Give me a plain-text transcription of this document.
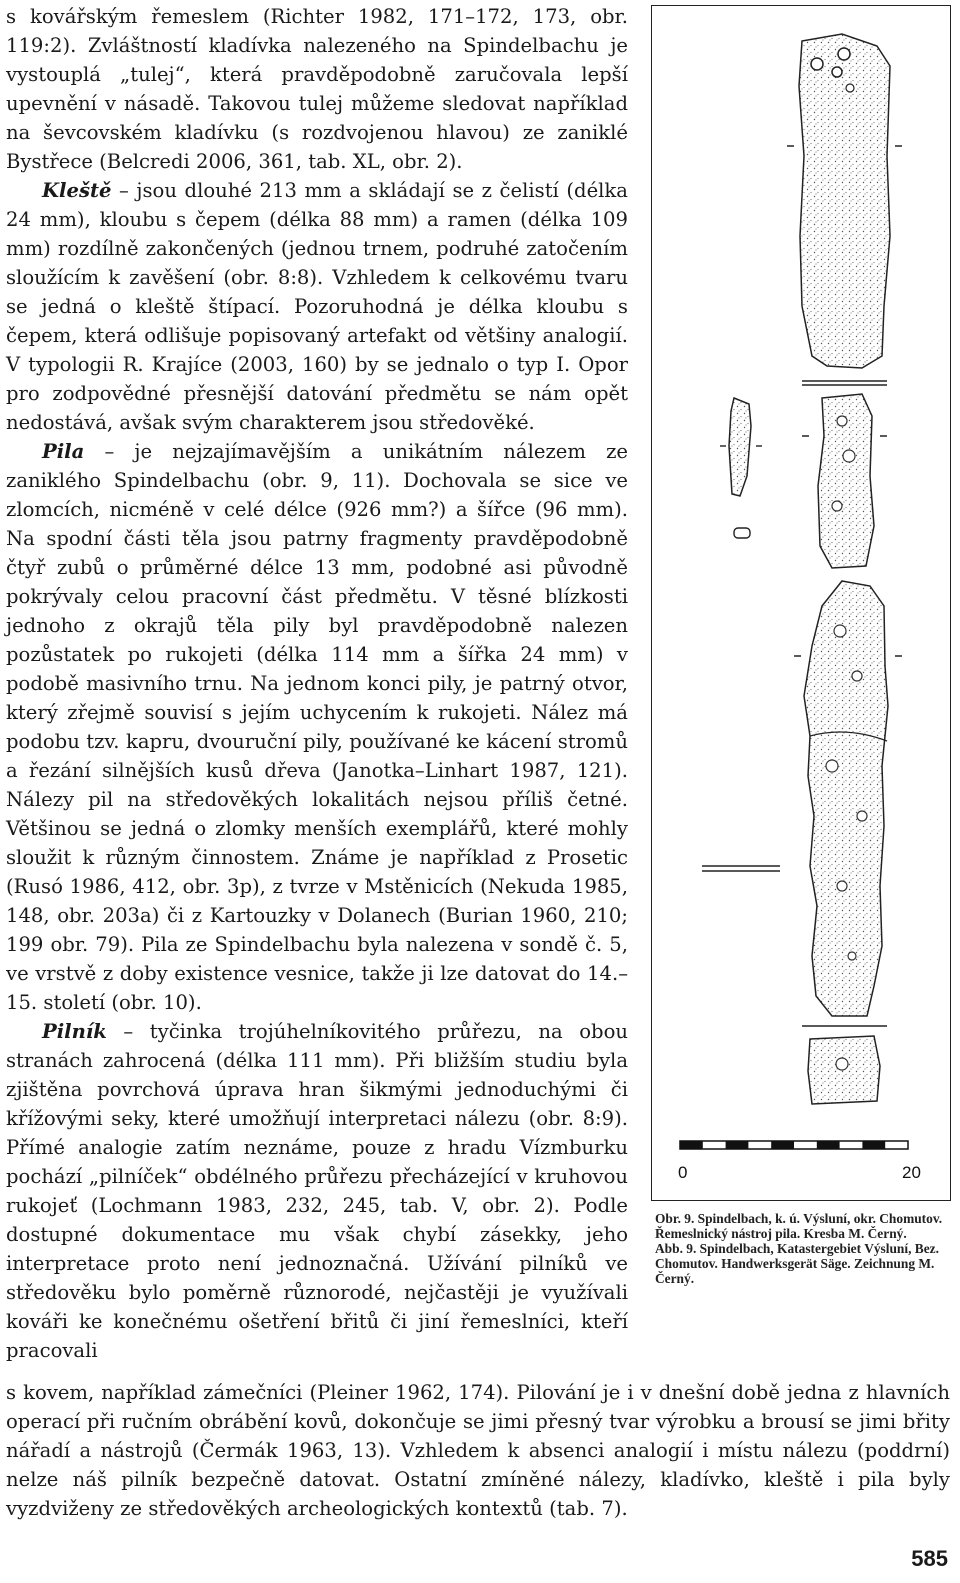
s kovářským řemeslem (Richter 1982, 171–172, 173, obr. 119:2). Zvláštností kladívka nalezeného na Spindelbachu je vystouplá „tulej“, která pravděpodobně zaručovala lepší upevnění v násadě. Takovou tulej můžeme sledovat například na ševcovském kladívku (s rozdvojenou hlavou) ze zaniklé Bystřece (Belcredi 2006, 361, tab. XL, obr. 2).

Kleště – jsou dlouhé 213 mm a skládají se z čelistí (délka 24 mm), kloubu s čepem (délka 88 mm) a ramen (délka 109 mm) rozdílně zakončených (jednou trnem, podruhé zatočením sloužícím k zavěšení (obr. 8:8). Vzhledem k celkovému tvaru se jedná o kleště štípací. Pozoruhodná je délka kloubu s čepem, která odlišuje popisovaný artefakt od většiny analogií. V typologii R. Krajíce (2003, 160) by se jednalo o typ I. Opor pro zodpovědné přesnější datování předmětu se nám opět nedostává, avšak svým charakterem jsou středověké.

Pila – je nejzajímavějším a unikátním nálezem ze zaniklého Spindelbachu (obr. 9, 11). Dochovala se sice ve zlomcích, nicméně v celé délce (926 mm?) a šířce (96 mm). Na spodní části těla jsou patrny fragmenty pravděpodobně čtyř zubů o průměrné délce 13 mm, podobné asi původně pokrývaly celou pracovní část předmětu. V těsné blízkosti jednoho z okrajů těla pily byl pravděpodobně nalezen pozůstatek po rukojeti (délka 114 mm a šířka 24 mm) v podobě masivního trnu. Na jednom konci pily, je patrný otvor, který zřejmě souvisí s jejím uchycením k rukojeti. Nález má podobu tzv. kapru, dvouruční pily, používané ke kácení stromů a řezání silnějších kusů dřeva (Janotka–Linhart 1987, 121). Nálezy pil na středověkých lokalitách nejsou příliš četné. Většinou se jedná o zlomky menších exemplářů, které mohly sloužit k různým činnostem. Známe je například z Prosetic (Rusó 1986, 412, obr. 3p), z tvrze v Mstěnicích (Nekuda 1985, 148, obr. 203a) či z Kartouzky v Dolanech (Burian 1960, 210; 199 obr. 79). Pila ze Spindelbachu byla nalezena v sondě č. 5, ve vrstvě z doby existence vesnice, takže ji lze datovat do 14.–15. století (obr. 10).

Pilník – tyčinka trojúhelníkovitého průřezu, na obou stranách zahrocená (délka 111 mm). Při bližším studiu byla zjištěna povrchová úprava hran šikmými jednoduchými či křížovými seky, které umožňují interpretaci nálezu (obr. 8:9). Přímé analogie zatím neznáme, pouze z hradu Vízmburku pochází „pilníček“ obdélného průřezu přecházející v kruhovou rukojeť (Lochmann 1983, 232, 245, tab. V, obr. 2). Podle dostupné dokumentace mu však chybí zásekky, jeho interpretace proto není jednoznačná. Užívání pilníků ve středověku bylo poměrně různorodé, nejčastěji je využívali kováři ke konečnému ošetření břitů či jiní řemeslníci, kteří pracovali

0	20

Obr. 9. Spindelbach, k. ú. Výsluní, okr. Chomutov. Řemeslnický nástroj pila. Kresba M. Černý.

Abb. 9. Spindelbach, Katastergebiet Výsluní, Bez. Chomutov. Handwerksgerät Säge. Zeichnung M. Černý.

s kovem, například zámečníci (Pleiner 1962, 174). Pilování je i v dnešní době jedna z hlavních operací při ručním obrábění kovů, dokončuje se jimi přesný tvar výrobku a brousí se jimi břity nářadí a nástrojů (Čermák 1963, 13). Vzhledem k absenci analogií i místu nálezu (poddrní) nelze náš pilník bezpečně datovat. Ostatní zmíněné nálezy, kladívko, kleště i pila byly vyzdviženy ze středověkých archeologických kontextů (tab. 7).

585
